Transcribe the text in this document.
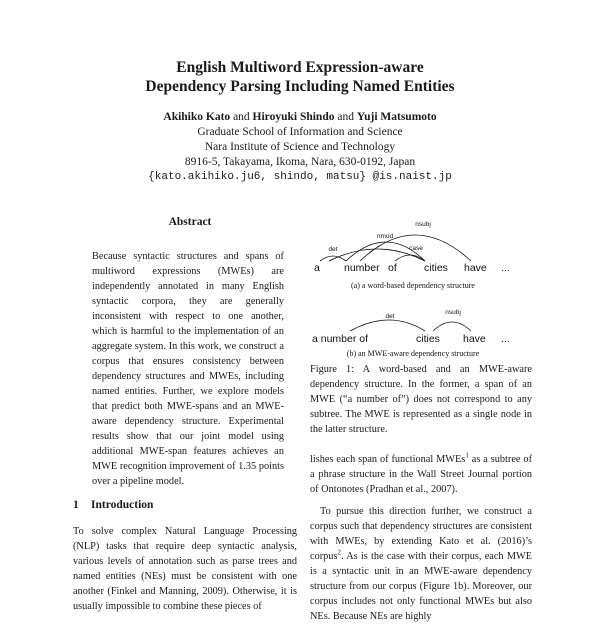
English Multiword Expression-aware
Dependency Parsing Including Named Entities
Akihiko Kato and Hiroyuki Shindo and Yuji Matsumoto
Graduate School of Information and Science
Nara Institute of Science and Technology
8916-5, Takayama, Ikoma, Nara, 630-0192, Japan
{kato.akihiko.ju6, shindo, matsu} @is.naist.jp
Abstract
Because syntactic structures and spans of multiword expressions (MWEs) are independently annotated in many English syntactic corpora, they are generally inconsistent with respect to one another, which is harmful to the implementation of an aggregate system. In this work, we construct a corpus that ensures consistency between dependency structures and MWEs, including named entities. Further, we explore models that predict both MWE-spans and an MWE-aware dependency structure. Experimental results show that our joint model using additional MWE-span features achieves an MWE recognition improvement of 1.35 points over a pipeline model.
1 Introduction
To solve complex Natural Language Processing (NLP) tasks that require deep syntactic analysis, various levels of annotation such as parse trees and named entities (NEs) must be consistent with one another (Finkel and Manning, 2009). Otherwise, it is usually impossible to combine these pieces of
det
nmod
case
nsubj
a number of	cities have ...
(a) a word-based dependency structure
det
nsubj
a number of	cities have ...
(b) an MWE-aware dependency structure
Figure 1: A word-based and an MWE-aware dependency structure. In the former, a span of an MWE (“a number of”) does not correspond to any subtree. The MWE is represented as a single node in the latter structure.

lishes each span of functional MWEs$^1$ as a subtree of a phrase structure in the Wall Street Journal portion of Ontonotes (Pradhan et al., 2007).

To pursue this direction further, we construct a corpus such that dependency structures are consistent with MWEs, by extending Kato et al. (2016)’s corpus$^2$. As is the case with their corpus, each MWE is a syntactic unit in an MWE-aware dependency structure from our corpus (Figure 1b). Moreover, our corpus includes not only functional MWEs but also NEs. Because NEs are highly
